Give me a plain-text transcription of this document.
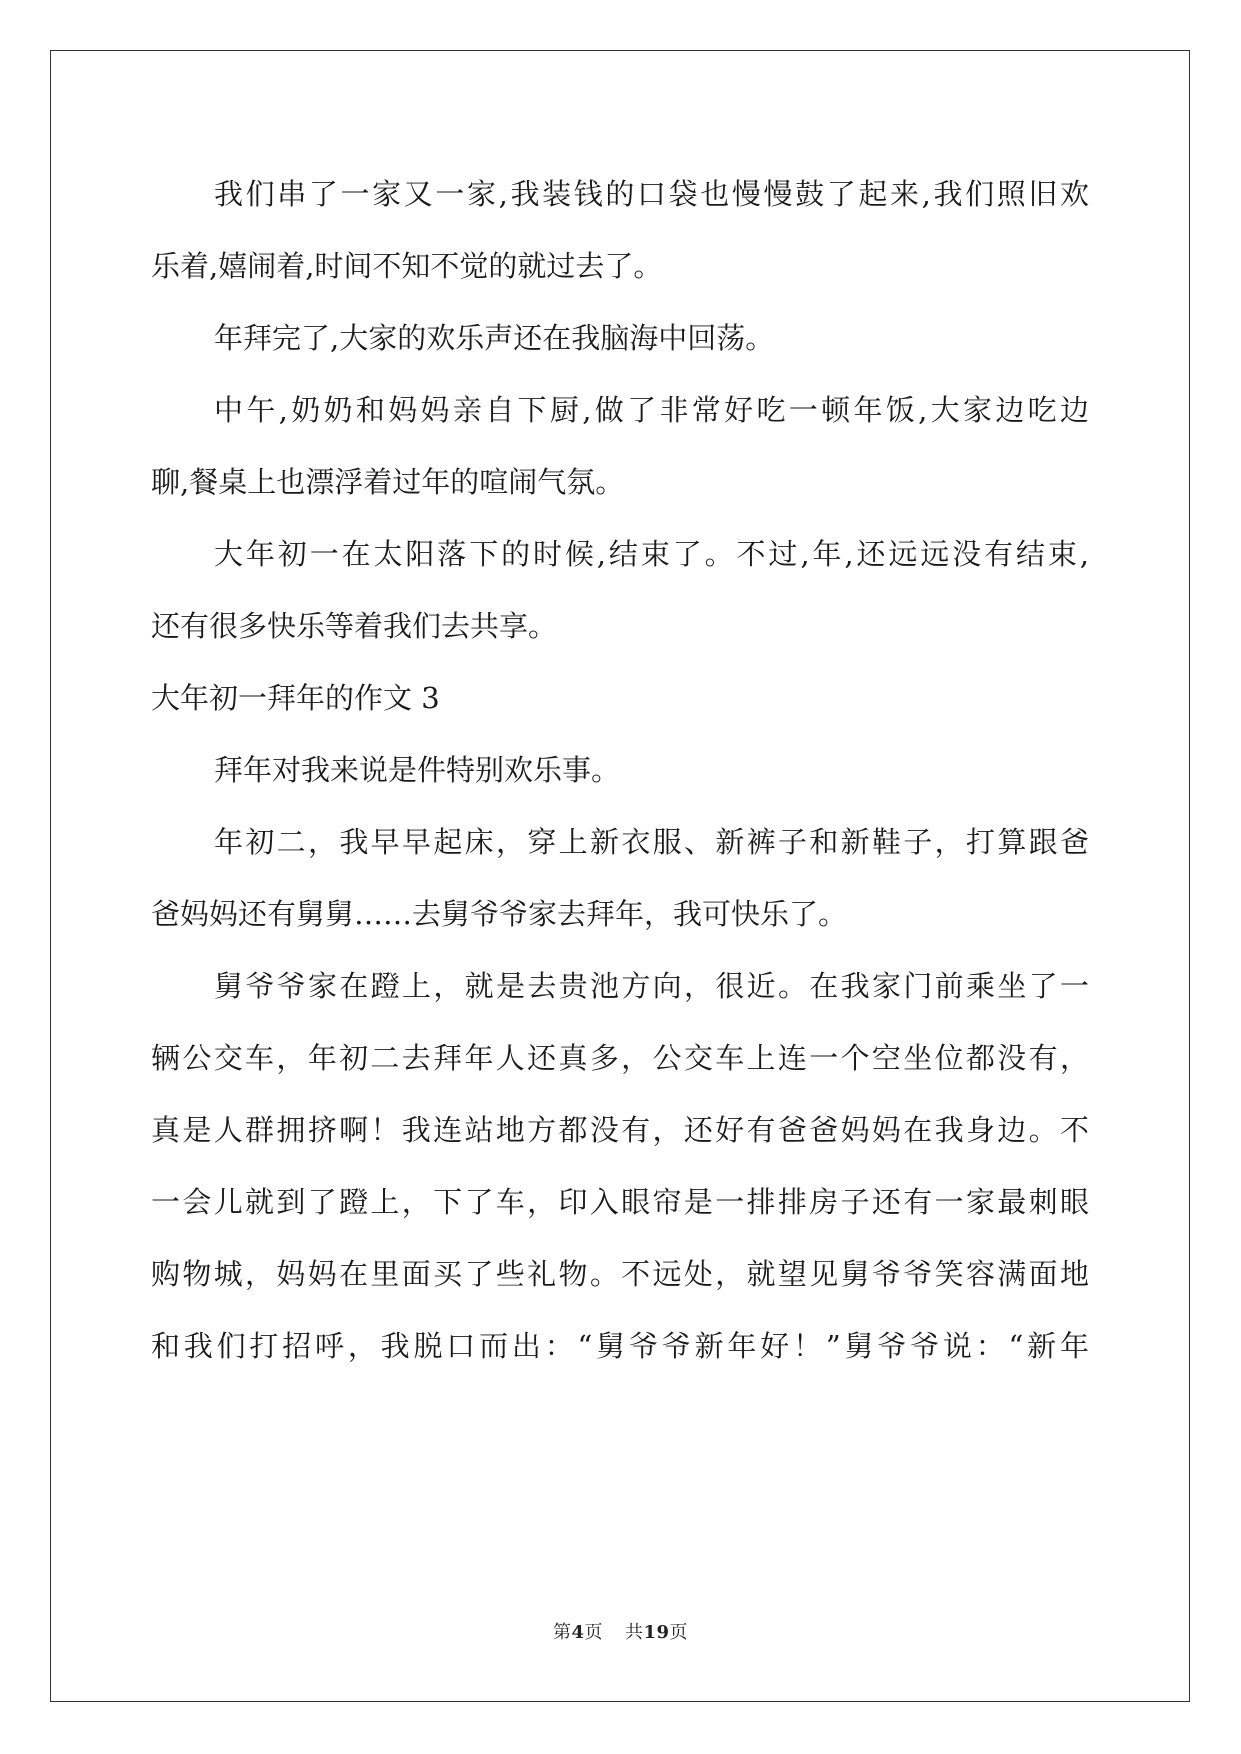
我们串了一家又一家,我装钱的口袋也慢慢鼓了起来,我们照旧欢
乐着,嬉闹着,时间不知不觉的就过去了。
年拜完了,大家的欢乐声还在我脑海中回荡。
中午,奶奶和妈妈亲自下厨,做了非常好吃一顿年饭,大家边吃边
聊,餐桌上也漂浮着过年的喧闹气氛。
大年初一在太阳落下的时候,结束了。不过,年,还远远没有结束,
还有很多快乐等着我们去共享。
大年初一拜年的作文 3
拜年对我来说是件特别欢乐事。
年初二，我早早起床，穿上新衣服、新裤子和新鞋子，打算跟爸
爸妈妈还有舅舅……去舅爷爷家去拜年，我可快乐了。
舅爷爷家在蹬上，就是去贵池方向，很近。在我家门前乘坐了一
辆公交车，年初二去拜年人还真多，公交车上连一个空坐位都没有，
真是人群拥挤啊！我连站地方都没有，还好有爸爸妈妈在我身边。不
一会儿就到了蹬上，下了车，印入眼帘是一排排房子还有一家最刺眼
购物城，妈妈在里面买了些礼物。不远处，就望见舅爷爷笑容满面地
和我们打招呼，我脱口而出：“舅爷爷新年好！”舅爷爷说：“新年
第4页 共19页
